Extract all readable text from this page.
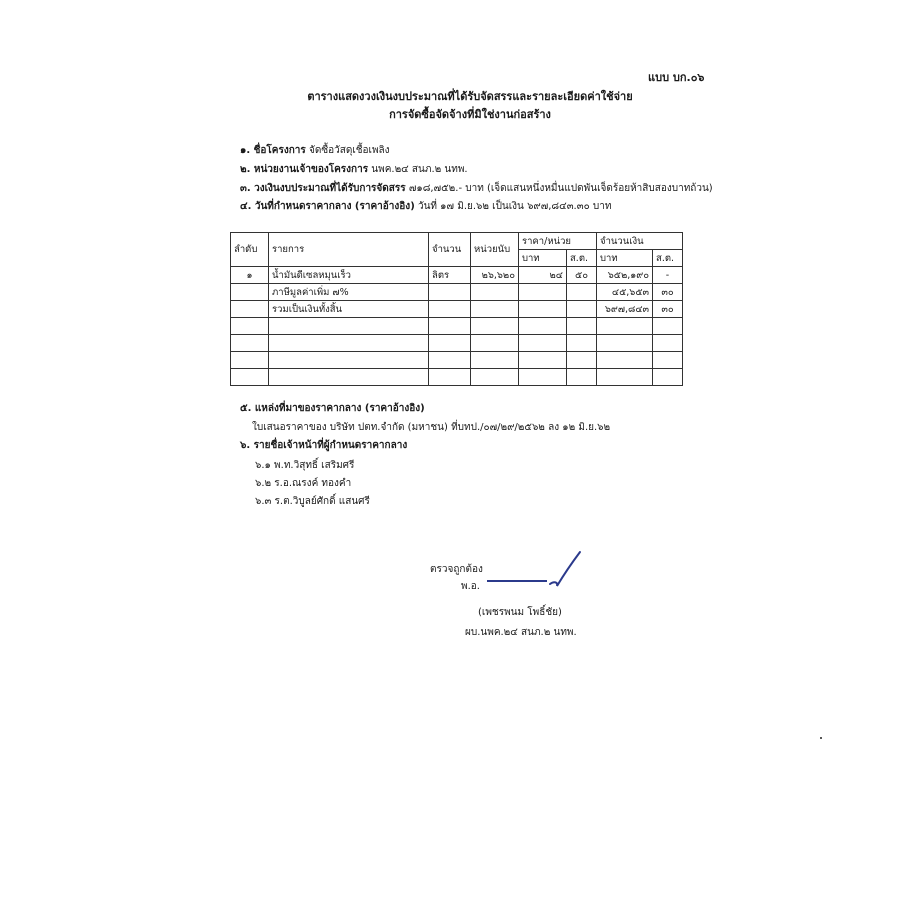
แบบ บก.๐๖
ตารางแสดงวงเงินงบประมาณที่ได้รับจัดสรรและรายละเอียดค่าใช้จ่าย
การจัดซื้อจัดจ้างที่มิใช่งานก่อสร้าง
๑. ชื่อโครงการ จัดซื้อวัสดุเชื้อเพลิง
๒. หน่วยงานเจ้าของโครงการ นพค.๒๔ สนภ.๒ นทพ.
๓. วงเงินงบประมาณที่ได้รับการจัดสรร ๗๑๘,๗๕๒.- บาท (เจ็ดแสนหนึ่งหมื่นแปดพันเจ็ดร้อยห้าสิบสองบาทถ้วน)
๔. วันที่กำหนดราคากลาง (ราคาอ้างอิง) วันที่ ๑๗ มิ.ย.๖๒ เป็นเงิน ๖๙๗,๘๔๓.๓๐ บาท
ลำดับ	รายการ	จำนวน	หน่วยนับ	ราคา/หน่วย		จำนวนเงิน	
				บาท	ส.ต.	บาท	ส.ต.
๑	น้ำมันดีเซลหมุนเร็ว	ลิตร	๒๖,๖๒๐	๒๔	๕๐	๖๕๒,๑๙๐	-
	ภาษีมูลค่าเพิ่ม ๗%					๔๕,๖๕๓	๓๐
	รวมเป็นเงินทั้งสิ้น					๖๙๗,๘๔๓	๓๐

๕. แหล่งที่มาของราคากลาง (ราคาอ้างอิง)
ใบเสนอราคาของ บริษัท ปตท.จำกัด (มหาชน) ที่บทป./๐๗/๒๙/๒๕๖๒ ลง ๑๒ มิ.ย.๖๒
๖. รายชื่อเจ้าหน้าที่ผู้กำหนดราคากลาง
๖.๑ พ.ท.วิสุทธิ์ เสริมศรี
๖.๒ ร.อ.ณรงค์ ทองคำ
๖.๓ ร.ต.วิบูลย์ศักดิ์ แสนศรี
ตรวจถูกต้อง
พ.อ.
(เพชรพนม โพธิ์ชัย)
ผบ.นพค.๒๔ สนภ.๒ นทพ.
